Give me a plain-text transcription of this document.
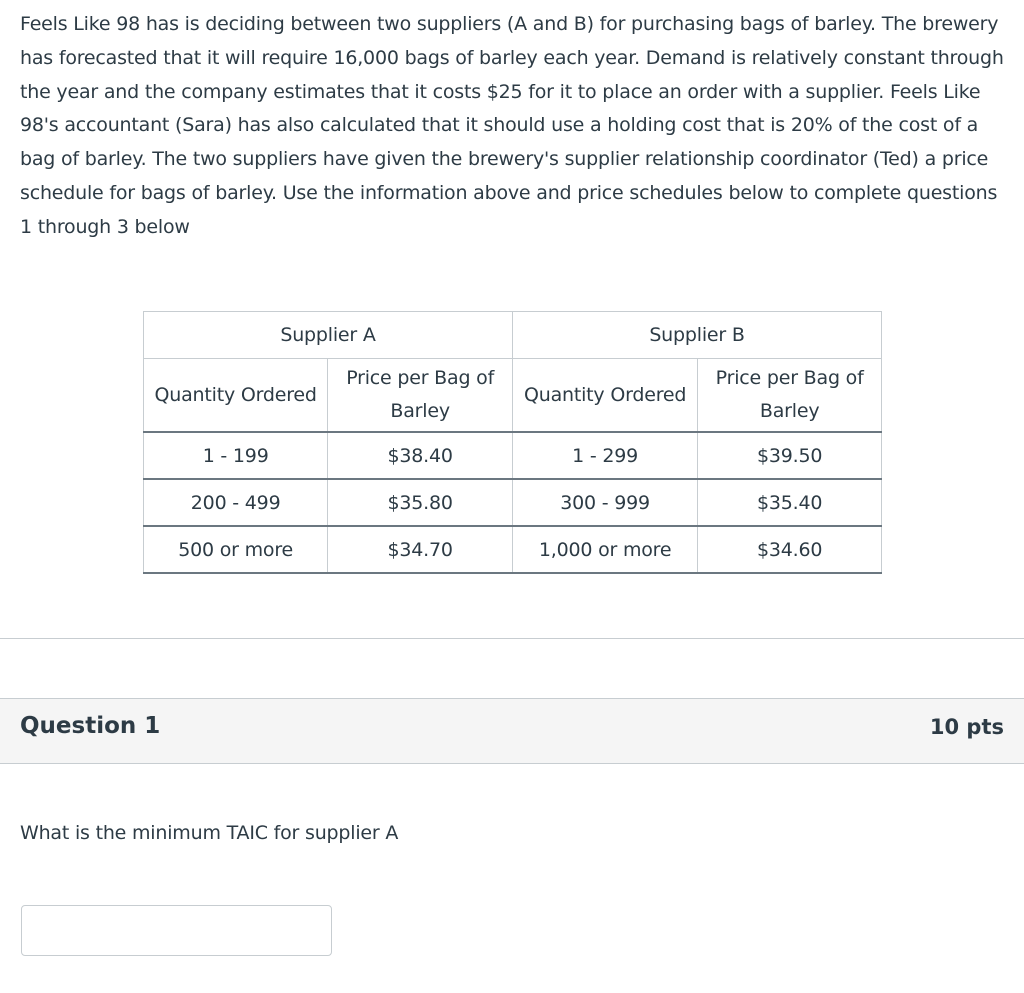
Feels Like 98 has is deciding between two suppliers (A and B) for purchasing bags of barley. The brewery has forecasted that it will require 16,000 bags of barley each year. Demand is relatively constant through the year and the company estimates that it costs $25 for it to place an order with a supplier. Feels Like 98's accountant (Sara) has also calculated that it should use a holding cost that is 20% of the cost of a bag of barley. The two suppliers have given the brewery's supplier relationship coordinator (Ted) a price schedule for bags of barley. Use the information above and price schedules below to complete questions 1 through 3 below

Supplier A		Supplier B	
Quantity Ordered	Price per Bag of Barley	Quantity Ordered	Price per Bag of Barley
1 - 199	$38.40	1 - 299	$39.50
200 - 499	$35.80	300 - 999	$35.40
500 or more	$34.70	1,000 or more	$34.60
Question 1	10 pts

What is the minimum TAIC for supplier A
